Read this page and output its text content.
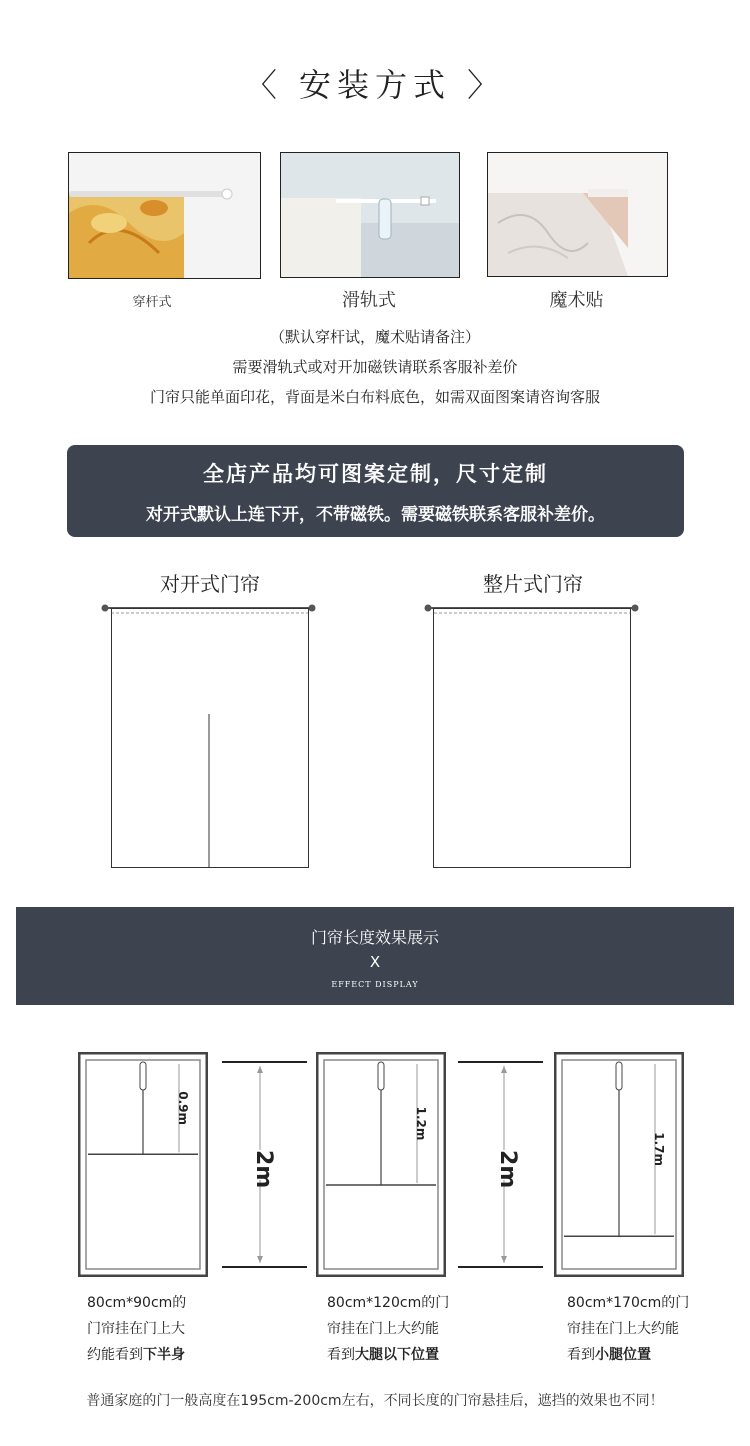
〈 安装方式 〉
穿杆式	滑轨式	魔术贴
（默认穿杆试，魔术贴请备注）
需要滑轨式或对开加磁铁请联系客服补差价
门帘只能单面印花，背面是米白布料底色，如需双面图案请咨询客服
全店产品均可图案定制，尺寸定制
对开式默认上连下开，不带磁铁。需要磁铁联系客服补差价。
对开式门帘	整片式门帘
门帘长度效果展示
X
EFFECT DISPLAY
0.9m	1.2m
1.7m
2m	2m
80cm*90cm的
门帘挂在门上大
约能看到下半身
80cm*120cm的门
帘挂在门上大约能
看到大腿以下位置
80cm*170cm的门
帘挂在门上大约能
看到小腿位置
普通家庭的门一般高度在195cm-200cm左右，不同长度的门帘悬挂后，遮挡的效果也不同！
